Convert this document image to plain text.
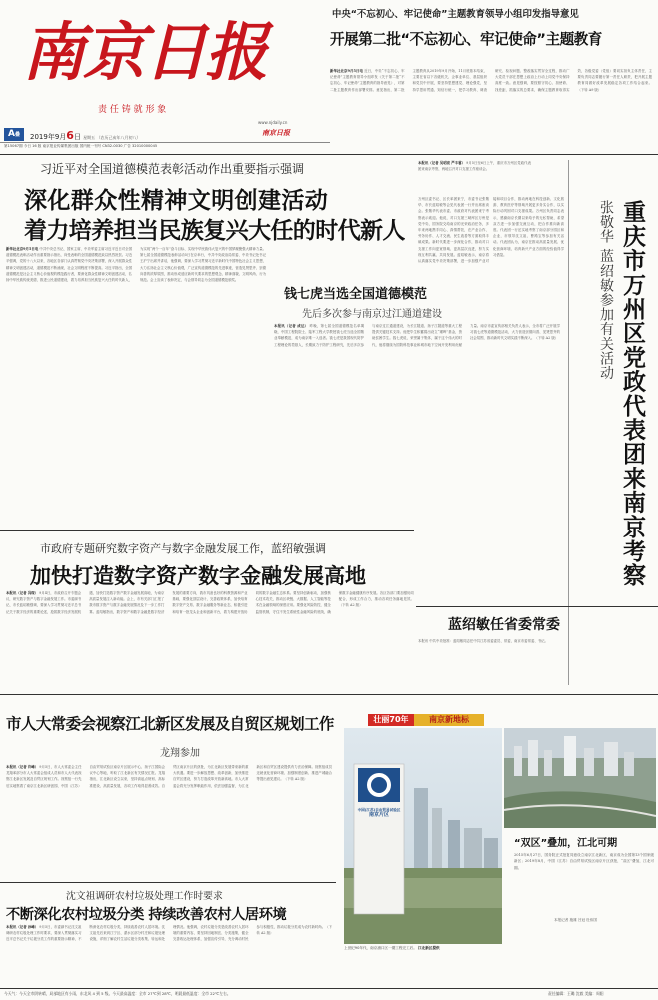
南京日报
责 任 铸 就 形 象
www.njdaily.cn
A叠	2019年9月6日 星期五 （农历己亥年八月初八）
南京日报
第15067期 今日 16 版 南京报业传媒集团出版 国内统一刊号 CN32-0030 广告 32010000045
中央“不忘初心、牢记使命”主题教育领导小组印发指导意见
开展第二批“不忘初心、牢记使命”主题教育
新华社北京9月5日电 近日，中央“不忘初心、牢记使命”主题教育领导小组印发《关于第二批“不忘初心、牢记使命”主题教育的指导意见》，对第二批主题教育作出部署安排。意见指出，第二批主题教育从2019年9月开始，11月底基本结束，主要在省以下各级机关、企事业单位、基层组织和党员中开展，要坚持思想建党、理论强党，坚持学思用贯通、知信行统一，把学习教育、调查研究、检视问题、整改落实贯穿全过程，推动广大党员干部在思想上政治上行动上同党中央保持高度一致。意见强调，要按照守初心、担使命、找差距、抓落实的总要求，确保主题教育取得实效，各级党委（党组）要切实担负主体责任，主要负责同志要履行第一责任人职责，把开展主题教育同做好改革发展稳定各项工作结合起来。（下转 A9 版）
习近平对全国道德模范表彰活动作出重要指示强调
深化群众性精神文明创建活动
着力培养担当民族复兴大任的时代新人
新华社北京9月5日电 中共中央总书记、国家主席、中央军委主席习近平近日对全国道德模范表彰活动作出重要指示指出，向受表彰的全国道德模范致以热烈祝贺。习近平强调，党的十八大以来，各地区各部门认真贯彻党中央决策部署，深入开展群众性精神文明创建活动，道德模范不断涌现，社会文明程度不断提高。习近平指出，全国道德模范是社会主义核心价值观的模范践行者，要深化群众性精神文明创建活动，弘扬中华民族传统美德，推进公民道德建设，着力培养担当民族复兴大任的时代新人，为实现“两个一百年”奋斗目标、实现中华民族伟大复兴的中国梦凝聚强大精神力量。第七届全国道德模范表彰活动5日在京举行，中共中央政治局常委、中央书记处书记王沪宁出席并讲话，他强调，要深入学习贯彻习近平新时代中国特色社会主义思想，大力弘扬社会主义核心价值观，广泛宣传道德模范的先进事迹，营造见贤思齐、崇德向善的浓厚氛围，推动形成适应新时代要求的思想观念、精神面貌、文明风尚、行为规范。会上宣读了表彰决定，与会领导同志为全国道德模范颁奖。
钱七虎当选全国道德模范
先后多次参与南京过江通道建设
本报讯（记者 成达） 昨晚，第七届全国道德模范名单揭晓，中国工程院院士、陆军工程大学教授钱七虎当选全国敬业奉献模范，成为南京唯一入选者。钱七虎是我国现代防护工程理论的奠基人，长期致力于防护工程研究，先后多次参与南京过江通道建设，为长江隧道、扬子江隧道等重大工程提供关键技术支持。他把毕生积蓄捐出设立“瑾晖”基金，资助贫困学生。钱七虎说，荣誉属于集体，属于这个伟大的时代，他将继续为国防科技事业和城市地下空间开发利用贡献力量。南京市委宣传部相关负责人表示，全市将广泛开展学习钱七虎等道德模范活动，大力营造崇德向善、见贤思齐的社会氛围，推动新时代文明实践不断深入。（下转 A2 版）
本报讯（记者 吴明亮 严丰睿） 9月5日至6日上午，重庆市万州区党政代表团来南京考察，两地召开对口支援工作座谈会。
重庆市万州区党政代表团来南京考察
张敬华 蓝绍敏参加有关活动
万州区委书记、区长率团来宁，市委书记张敬华、市长蓝绍敏等会见代表团一行并出席座谈会。张敬华代表市委、市政府对代表团来宁考察表示欢迎。他说，对口支援三峡库区万州是党中央、国务院交给南京的光荣政治任务，多年来两地携手同心、真情帮扶，在产业合作、劳务协作、人才交流、民生改善等方面取得丰硕成果。新时代要进一步深化合作，推动对口支援工作向更宽领域、更高层次迈进，努力实现互利共赢、共同发展。蓝绍敏表示，南京将认真落实党中央决策部署，进一步加强产业对接和项目合作，推动两地在科技创新、文化旅游、教育医疗等领域开展更多务实合作，以实际行动巩固对口支援成果。万州区负责同志表示，感谢南京长期以来给予的无私帮助，希望双方进一步加强交流互动，把合作推向新高度。代表团一行还实地考察了南京部分园区和企业，市领导沈文祖、曹路宝等参加有关活动。代表团认为，南京在推动高质量发展、优化营商环境、培育新兴产业方面的经验值得学习借鉴。
蓝绍敏任省委常委
本报讯 中共中央批准：蓝绍敏同志任中共江苏省委委员、常委，南京市委常委、书记。
市政府专题研究数字资产与数字金融发展工作，蓝绍敏强调
加快打造数字资产数字金融发展高地
本报讯（记者 冯琛） 9月4日，市政府召开专题会议，研究数字资产与数字金融发展工作。市委副书记、市长蓝绍敏强调，要深入学习贯彻习近平总书记关于数字经济的重要论述，抢抓数字经济发展机遇，加快打造数字资产数字金融发展高地，为南京高质量发展注入新动能。会上，市有关部门汇报了我市数字资产与数字金融发展情况及下一步工作打算。蓝绍敏指出，数字资产和数字金融是数字经济发展的重要方向，我市具备良好的科教资源和产业基础，要强化顶层设计，完善政策体系，加快培育数字资产交易、数字金融服务等新业态，积极引进和培育一批龙头企业和创新平台，着力构建开放协同的数字金融生态体系。要坚持创新驱动，加强核心技术攻关，推动区块链、大数据、人工智能等技术在金融领域的深度应用。要强化风险防控，健全监管机制，守住不发生系统性金融风险的底线，确保数字金融健康有序发展。各区各部门要加强协同配合，形成工作合力，推动各项任务落地见效。（下转 A2 版）
市人大常委会视察江北新区发展及自贸区规划工作
龙翔参加
本报讯（记者 许峰） 9月5日，市人大常委会主任龙翔率部分市人大常委会组成人员和市人大代表视察江北新区发展及自贸区规划工作。视察组一行先后实地察看了南京江北新区研创园、中国（江苏）自由贸易试验区南京片区展示中心、扬子江国际会议中心等地，听取了江北新区有关情况汇报。龙翔指出，江北新区设立以来，坚持高起点规划、高标准建设、高质量发展，各项工作取得显著成效。自贸区南京片区的获批，为江北新区发展带来新的重大机遇。要进一步解放思想、改革创新，加快推进自贸区建设，努力打造改革开放新高地。市人大常委会将充分发挥职能作用，依法加强监督，为江北新区和自贸区建设提供有力法治保障。视察组成员还就优化营商环境、加强制度创新、推进产城融合等提出意见建议。（下转 A2 版）
沈文祖调研农村垃圾处理工作时要求
不断深化农村垃圾分类 持续改善农村人居环境
本报讯（记者 孙峰） 9月5日，市委副书记沈文祖调研农村垃圾处理工作时要求，要深入贯彻落实习近平总书记关于垃圾分类工作的重要指示精神，不断深化农村垃圾分类，持续改善农村人居环境。沈文祖先后来到江宁区、溧水区部分村庄和垃圾处理设施，详细了解农村生活垃圾分类收集、转运和处理情况。他强调，农村垃圾分类是改善农村人居环境的重要内容，要坚持因地制宜、分类施策，健全完善收运处理体系，加强宣传引导，充分调动村民参与积极性，推动垃圾分类成为农村新时尚。（下转 A2 版）
壮丽70年	南京新地标
中国(江苏)自由贸易试验区
南京片区
上世纪90年代，南京浦口区一期工程完工后。 江北新区提供
“双区”叠加，江北可期
2015年6月27日，国务院正式批复同意设立南京江北新区，南京成为全国第13个国家级新区；2019年8月，中国（江苏）自由贸易试验区南京片区获批，“双区”叠加，江北可期。
本报记者 施雄 吕冠 杜伟国
今天气：今天全市阴转晴，局部地区有小雨，东北风 4 到 5 级。今天最高温度：全市 27℃到 28℃，明晨最低温度：全市 22℃左右。	责任编辑：王璐 沈毅 美编：周阳
